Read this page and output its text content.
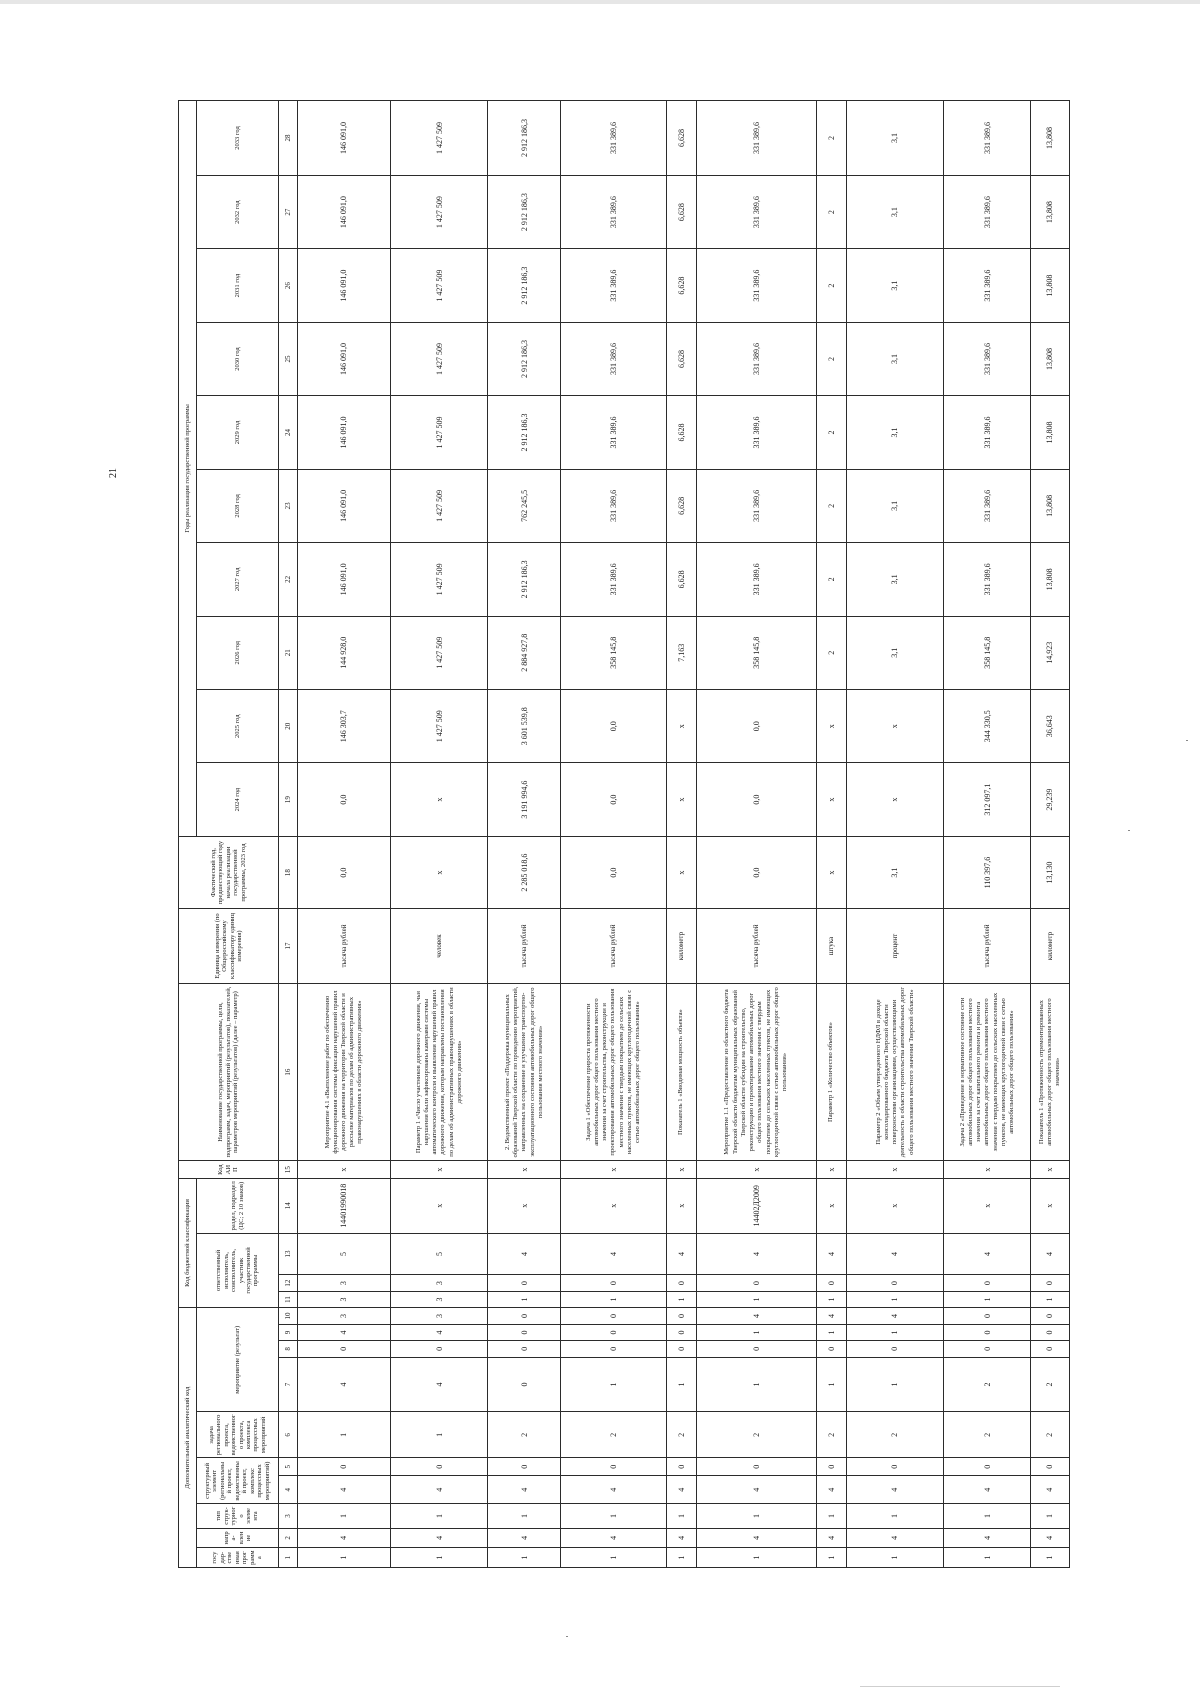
21
Дополнительный аналитический код										Код бюджетной классификации				Код АИП	Наименование государственной программы, цели, подпрограмм, задач, мероприятий (результатов), показателей, параметров мероприятий (результатов) (далее – параметр)	Единица измерения (по Общероссийскому классификатору единиц измерения)	Фактический год, предшествующий году начала реализации государственной программы, 2023 год	Годы реализации государственной программы									
государ-ственная программа	напра-вление	тип струк-турного элемента	структурный элемент (региональный проект, ведомственный проект, комплекс процессных мероприятий)		задача регионального проекта, ведомственного проекта, комплекса процессных мероприятий	мероприятие (результат)				ответственный исполнитель, соисполнитель, участник государственной программы			раздел, подраздел (ЦС; 2 10 знаков)					2024 год	2025 год	2026 год	2027 год	2028 год	2029 год	2030 год	2031 год	2032 год	2033 год
1	2	3	4	5	6	7	8	9	10	11	12	13	14	15	16	17	18	19	20	21	22	23	24	25	26	27	28
1	4	1	4	0	1	4	0	4	3	3	3	5	14401990018	x	Мероприятие 4.1 «Выполнение работ по обеспечению функционирования системы фиксации нарушений правил дорожного движения на территории Тверской области и рассылке материалов по делам об административных правонарушениях в области дорожного движения»	тысяча рублей	0,0	0,0	146 303,7	144 928,0	146 091,0	146 091,0	146 091,0	146 091,0	146 091,0	146 091,0	146 091,0
1	4	1	4	0	1	4	0	4	3	3	3	5	x	x	Параметр 1 «Число участников дорожного движения, чьи нарушения были зафиксированы камерами системы автоматического контроля и выявления нарушений правил дорожного движения, которым направлены постановления по делам об административных правонарушениях в области дорожного движения»	человек	x	x	1 427 509	1 427 509	1 427 509	1 427 509	1 427 509	1 427 509	1 427 509	1 427 509	1 427 509
1	4	1	4	0	2	0	0	0	0	1	0	4	x	x	2. Ведомственный проект «Поддержка муниципальных образований Тверской области по проведению мероприятий, направленных на сохранение и улучшение транспортно-эксплуатационного состояния автомобильных дорог общего пользования местного значения»	тысяча рублей	2 285 018,6	3 191 994,6	3 601 539,8	2 884 927,8	2 912 186,3	762 245,5	2 912 186,3	2 912 186,3	2 912 186,3	2 912 186,3	2 912 186,3
1	4	1	4	0	2	1	0	0	0	1	0	4	x	x	Задача 1 «Обеспечение прироста протяженности автомобильных дорог общего пользования местного значения за счет строительства, реконструкции и проектирования автомобильных дорог общего пользования местного значения с твердым покрытием до сельских населенных пунктов, не имеющих круглогодичной связи с сетью автомобильных дорог общего пользования»	тысяча рублей	0,0	0,0	0,0	358 145,8	331 389,6	331 389,6	331 389,6	331 389,6	331 389,6	331 389,6	331 389,6
1	4	1	4	0	2	1	0	0	0	1	0	4	x	x	Показатель 1 «Вводимая мощность объекта»	километр	x	x	x	7,163	6,628	6,628	6,628	6,628	6,628	6,628	6,628
1	4	1	4	0	2	1	0	1	4	1	0	4	14402Д2009	x	Мероприятие 1.1 «Предоставление из областного бюджета Тверской области бюджетам муниципальных образований Тверской области субсидии на строительство, реконструкцию и проектирование автомобильных дорог общего пользования местного значения с твердым покрытием до сельских населенных пунктов, не имеющих круглогодичной связи с сетью автомобильных дорог общего пользования»	тысяча рублей	0,0	0,0	0,0	358 145,8	331 389,6	331 389,6	331 389,6	331 389,6	331 389,6	331 389,6	331 389,6
1	4	1	4	0	2	1	0	1	4	1	0	4	x	x	Параметр 1 «Количество объектов»	штука	x	x	x	2	2	2	2	2	2	2	2
1	4	1	4	0	2	1	0	1	4	1	0	4	x	x	Параметр 2 «Объем утвержденного НДФЛ в доходе консолидированного бюджета Тверской области поверхностями организациями, осуществляющими деятельность в области строительства автомобильных дорог общего пользования местного значения Тверской области»	процент	3,1	x	x	3,1	3,1	3,1	3,1	3,1	3,1	3,1	3,1
1	4	1	4	0	2	2	0	0	0	1	0	4	x	x	Задача 2 «Приведение в нормативное состояние сети автомобильных дорог общего пользования местного значения за счет капитального ремонта и ремонта автомобильных дорог общего пользования местного значения с твердым покрытием до сельских населенных пунктов, не имеющих круглогодичной связи с сетью автомобильных дорог общего пользования»	тысяча рублей	110 397,6	312 097,1	344 330,5	358 145,8	331 389,6	331 389,6	331 389,6	331 389,6	331 389,6	331 389,6	331 389,6
1	4	1	4	0	2	2	0	0	0	1	0	4	x	x	Показатель 1 «Протяженность отремонтированных автомобильных дорог общего пользования местного значения»	километр	13,130	29,239	36,643	14,923	13,808	13,808	13,808	13,808	13,808	13,808	13,808
